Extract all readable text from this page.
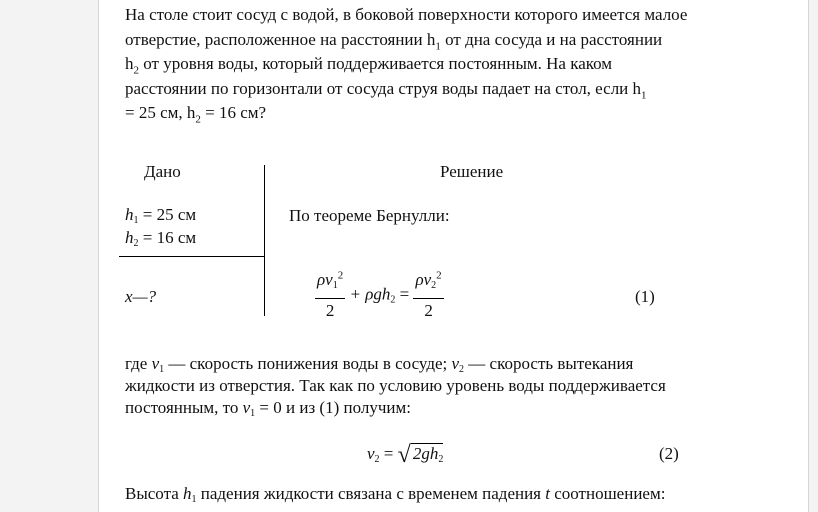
На столе стоит сосуд с водой, в боковой поверхности которого имеется малое

отверстие, расположенное на расстоянии $h_1$ от дна сосуда и на расстоянии

$h_2$ от уровня воды, который поддерживается постоянным. На каком

расстоянии по горизонтали от сосуда струя воды падает на стол, если $h_1$

= 25 см, $h_2 = 16$ см?

Дано	Решение
h1 = 25 см
h2 = 16 см
x—?
По теореме Бернулли:
$\frac{\rho v1^2}{2} + \rho gh2 = \frac{\rho v2^2}{2}$	(1)
где v1 — скорость понижения воды в сосуде; v2 — скорость вытекания
жидкости из отверстия. Так как по условию уровень воды поддерживается
постоянным, то v1 = 0 и из (1) получим:
v2 = √ 2gh2	(2)
Высота h1 падения жидкости связана с временем падения t соотношением:
